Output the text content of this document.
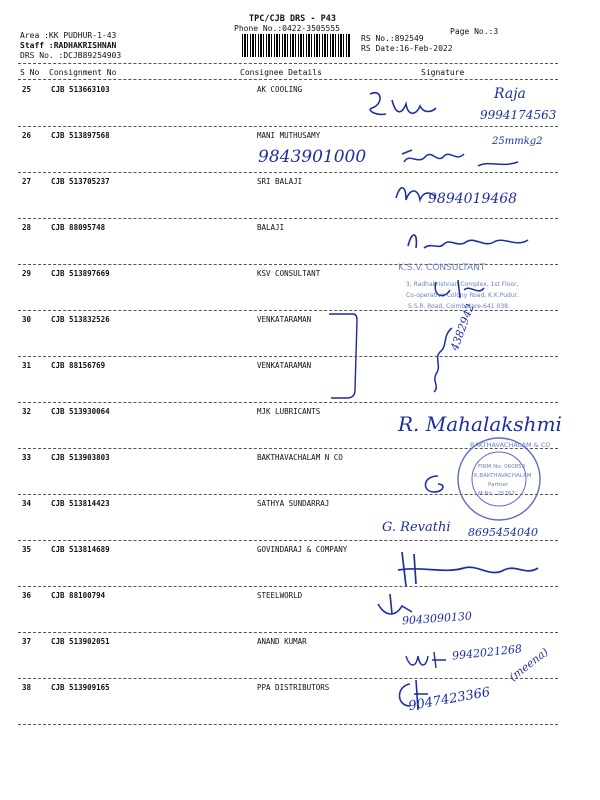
TPC/CJB DRS - P43
Phone No.:0422-3505555
Area :KK PUDHUR-1-43
Staff :RADHAKRISHNAN
DRS No. :DCJB89254903
RS No.:892549
RS Date:16-Feb-2022
Page No.:3
S No Consignment No	Consignee Details	Signature
25	CJB 513663103	AK COOLING
26	CJB 513897568	MANI MUTHUSAMY
27	CJB 513705237	SRI BALAJI
28	CJB 88095748	BALAJI
29	CJB 513897669	KSV CONSULTANT
30	CJB 513832526	VENKATARAMAN
31	CJB 88156769	VENKATARAMAN
32	CJB 513930064	MJK LUBRICANTS
33	CJB 513903803	BAKTHAVACHALAM N CO
34	CJB 513814423	SATHYA SUNDARRAJ
35	CJB 513814689	GOVINDARAJ & COMPANY
36	CJB 88100794	STEELWORLD
37	CJB 513902051	ANAND KUMAR
38	CJB 513909165	PPA DISTRIBUTORS
Raja
9994174563
25mmkg2
9843901000
9894019468
K.S.V. CONSULTANT
3, Radhakrishnan Complex, 1st Floor,
Co-operative Colony Road, K.K.Pudur,
S.S.R. Road, Coimbatore-641 038.
4382942
R. Mahalakshmi
BAKTHAVACHALAM & CO
FIRM No: 060859
K.BAKTHAVACHALAM
Partner
M.No : 25767
G. Revathi 8695454040
9043090130
9942021268
9047423366
(meena)
